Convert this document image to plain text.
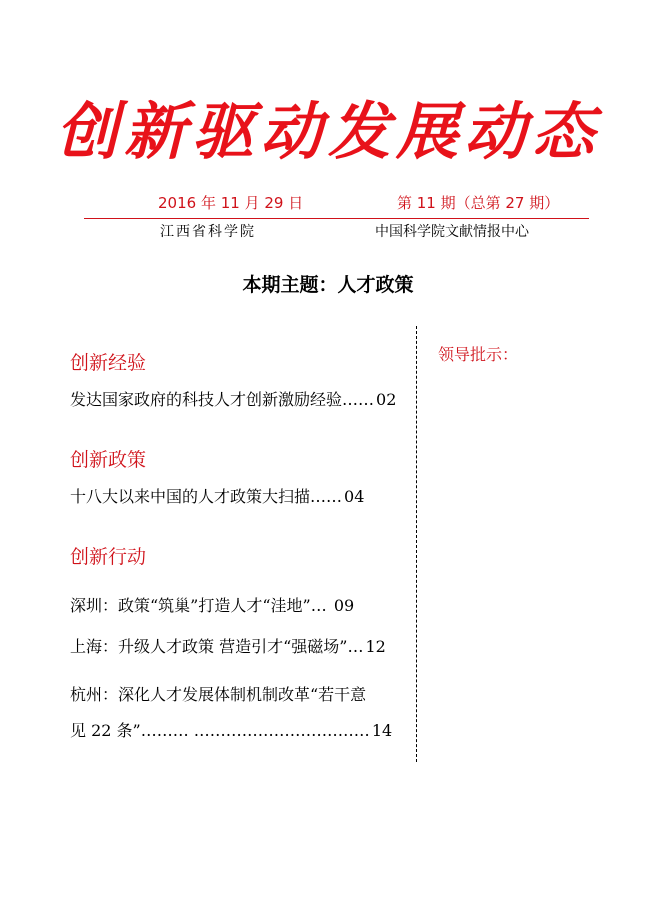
创新驱动发展动态
2016 年 11 月 29 日	第 11 期（总第 27 期）
江西省科学院	中国科学院文献情报中心
本期主题：人才政策
领导批示：
创新经验
发达国家政府的科技人才创新激励经验…… 02
创新政策
十八大以来中国的人才政策大扫描…… 04
创新行动
深圳：政策“筑巢”打造人才“洼地”… 09
上海：升级人才政策 营造引才“强磁场”… 12
杭州：深化人才发展体制机制改革“若干意
见 22 条”……… …………………………… 14
